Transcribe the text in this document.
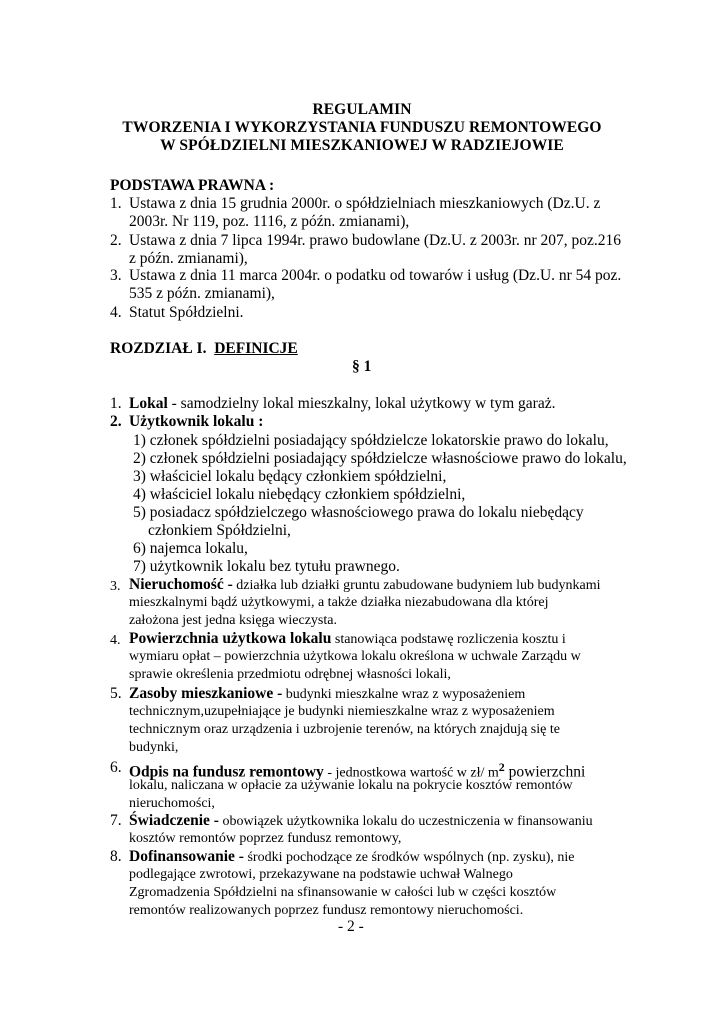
REGULAMIN
TWORZENIA I WYKORZYSTANIA FUNDUSZU REMONTOWEGO
W SPÓŁDZIELNI MIESZKANIOWEJ W RADZIEJOWIE
PODSTAWA PRAWNA :
1. Ustawa z dnia 15 grudnia 2000r. o spółdzielniach mieszkaniowych (Dz.U. z
2003r. Nr 119, poz. 1116, z późn. zmianami),
2. Ustawa z dnia 7 lipca 1994r. prawo budowlane (Dz.U. z 2003r. nr 207, poz.216
z późn. zmianami),
3. Ustawa z dnia 11 marca 2004r. o podatku od towarów i usług (Dz.U. nr 54 poz.
535 z późn. zmianami),
4. Statut Spółdzielni.
ROZDZIAŁ I. DEFINICJE
§ 1
1. Lokal - samodzielny lokal mieszkalny, lokal użytkowy w tym garaż.
2. Użytkownik lokalu :
1) członek spółdzielni posiadający spółdzielcze lokatorskie prawo do lokalu,
2) członek spółdzielni posiadający spółdzielcze własnościowe prawo do lokalu,
3) właściciel lokalu będący członkiem spółdzielni,
4) właściciel lokalu niebędący członkiem spółdzielni,
5) posiadacz spółdzielczego własnościowego prawa do lokalu niebędący
członkiem Spółdzielni,
6) najemca lokalu,
7) użytkownik lokalu bez tytułu prawnego.
3. Nieruchomość - działka lub działki gruntu zabudowane budyniem lub budynkami
mieszkalnymi bądź użytkowymi, a także działka niezabudowana dla której
założona jest jedna księga wieczysta.
4. Powierzchnia użytkowa lokalu stanowiąca podstawę rozliczenia kosztu i
wymiaru opłat – powierzchnia użytkowa lokalu określona w uchwale Zarządu w
sprawie określenia przedmiotu odrębnej własności lokali,
5. Zasoby mieszkaniowe - budynki mieszkalne wraz z wyposażeniem
technicznym,uzupełniające je budynki niemieszkalne wraz z wyposażeniem
technicznym oraz urządzenia i uzbrojenie terenów, na których znajdują się te
budynki,
6. Odpis na fundusz remontowy - jednostkowa wartość w zł/ $m^2$ powierzchni
lokalu, naliczana w opłacie za używanie lokalu na pokrycie kosztów remontów
nieruchomości,
7. Świadczenie - obowiązek użytkownika lokalu do uczestniczenia w finansowaniu
kosztów remontów poprzez fundusz remontowy,
8. Dofinansowanie - środki pochodzące ze środków wspólnych (np. zysku), nie
podlegające zwrotowi, przekazywane na podstawie uchwał Walnego
Zgromadzenia Spółdzielni na sfinansowanie w całości lub w części kosztów
remontów realizowanych poprzez fundusz remontowy nieruchomości.
- 2 -
